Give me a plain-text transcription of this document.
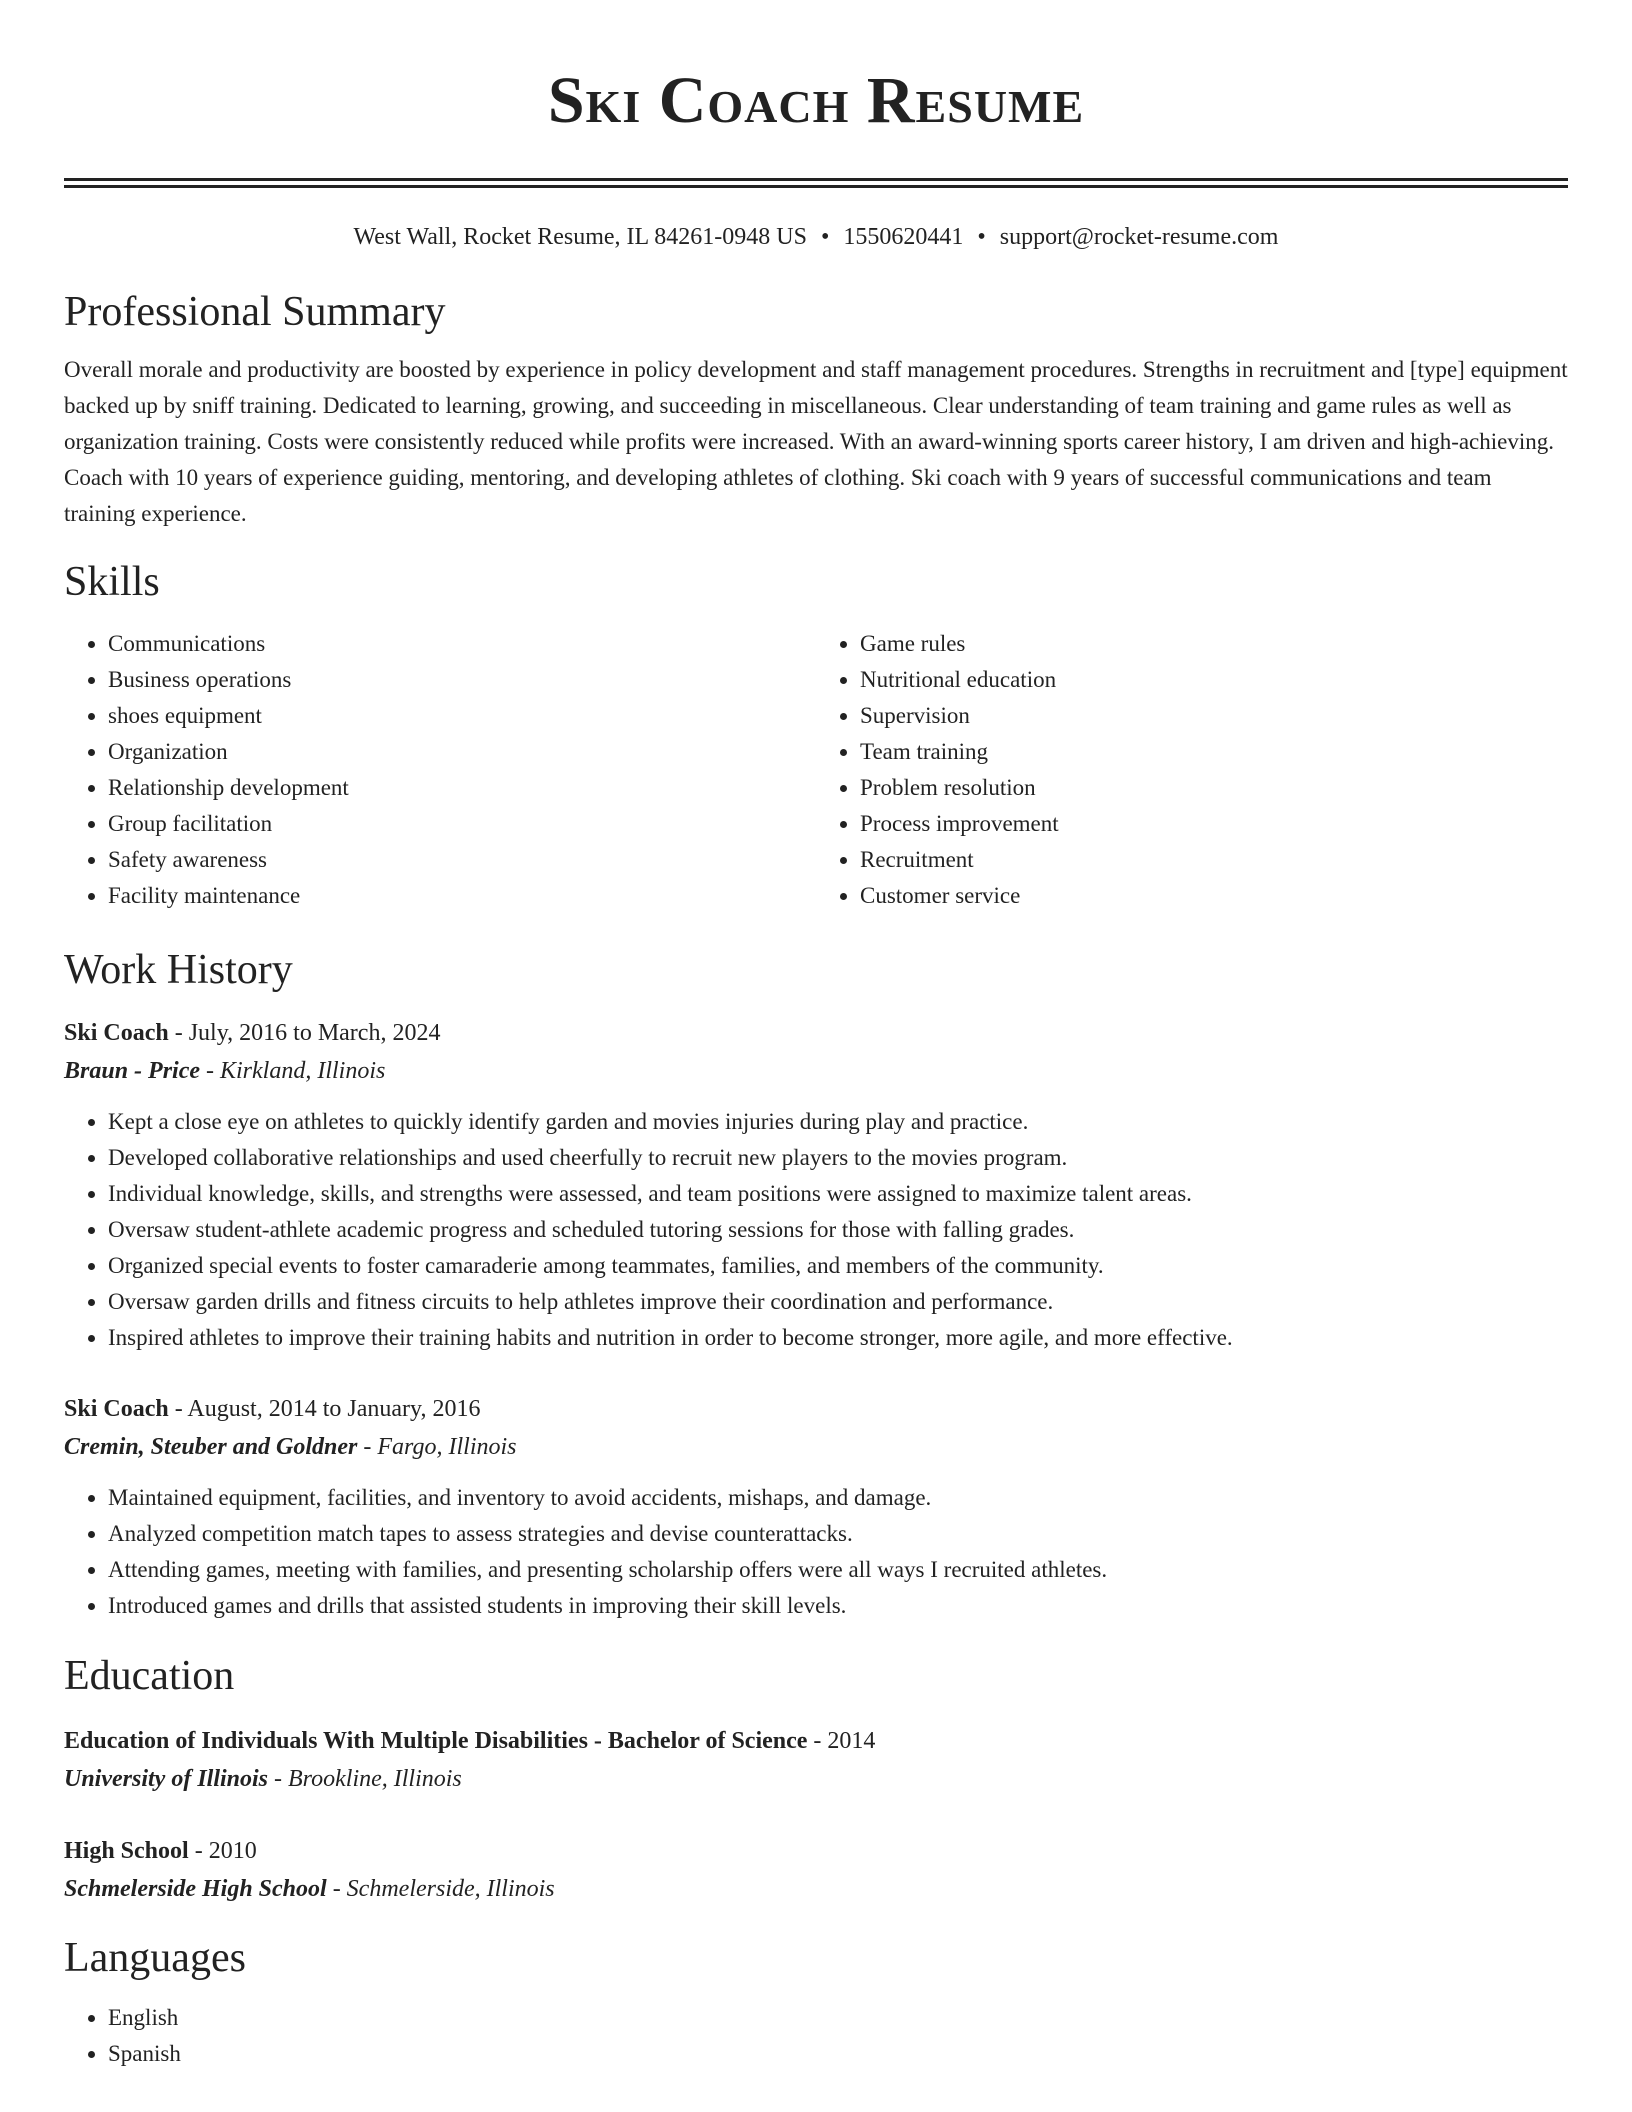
Ski Coach Resume
West Wall, Rocket Resume, IL 84261-0948 US • 1550620441 • support@rocket-resume.com
Professional Summary
Overall morale and productivity are boosted by experience in policy development and staff management procedures. Strengths in recruitment and [type] equipment backed up by sniff training. Dedicated to learning, growing, and succeeding in miscellaneous. Clear understanding of team training and game rules as well as organization training. Costs were consistently reduced while profits were increased. With an award-winning sports career history, I am driven and high-achieving. Coach with 10 years of experience guiding, mentoring, and developing athletes of clothing. Ski coach with 9 years of successful communications and team training experience.
Skills
• Communications
• Business operations
• shoes equipment
• Organization
• Relationship development
• Group facilitation
• Safety awareness
• Facility maintenance
• Game rules
• Nutritional education
• Supervision
• Team training
• Problem resolution
• Process improvement
• Recruitment
• Customer service
Work History
Ski Coach - July, 2016 to March, 2024
Braun - Price - Kirkland, Illinois
• Kept a close eye on athletes to quickly identify garden and movies injuries during play and practice.
• Developed collaborative relationships and used cheerfully to recruit new players to the movies program.
• Individual knowledge, skills, and strengths were assessed, and team positions were assigned to maximize talent areas.
• Oversaw student-athlete academic progress and scheduled tutoring sessions for those with falling grades.
• Organized special events to foster camaraderie among teammates, families, and members of the community.
• Oversaw garden drills and fitness circuits to help athletes improve their coordination and performance.
• Inspired athletes to improve their training habits and nutrition in order to become stronger, more agile, and more effective.
Ski Coach - August, 2014 to January, 2016
Cremin, Steuber and Goldner - Fargo, Illinois
• Maintained equipment, facilities, and inventory to avoid accidents, mishaps, and damage.
• Analyzed competition match tapes to assess strategies and devise counterattacks.
• Attending games, meeting with families, and presenting scholarship offers were all ways I recruited athletes.
• Introduced games and drills that assisted students in improving their skill levels.
Education
Education of Individuals With Multiple Disabilities - Bachelor of Science - 2014
University of Illinois - Brookline, Illinois
High School - 2010
Schmelerside High School - Schmelerside, Illinois
Languages
• English
• Spanish
